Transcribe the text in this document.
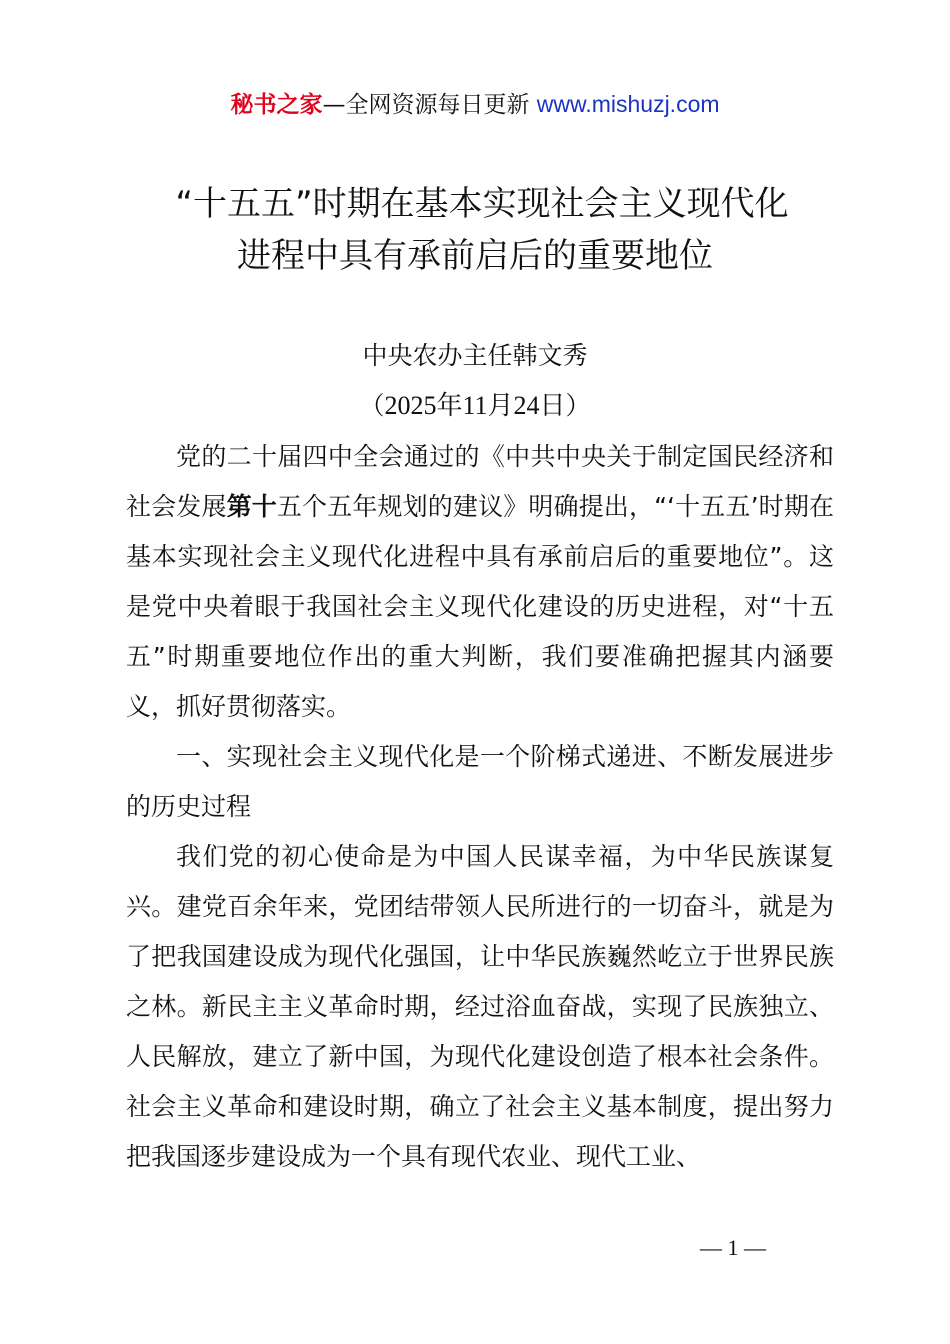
秘书之家—全网资源每日更新 www.mishuzj.com
“十五五”时期在基本实现社会主义现代化
进程中具有承前启后的重要地位
中央农办主任韩文秀
（2025年11月24日）

党的二十届四中全会通过的《中共中央关于制定国民经济和社会发展第十五个五年规划的建议》明确提出，“‘十五五’时期在基本实现社会主义现代化进程中具有承前启后的重要地位”。这是党中央着眼于我国社会主义现代化建设的历史进程，对“十五五”时期重要地位作出的重大判断，我们要准确把握其内涵要义，抓好贯彻落实。

一、实现社会主义现代化是一个阶梯式递进、不断发展进步的历史过程

我们党的初心使命是为中国人民谋幸福，为中华民族谋复兴。建党百余年来，党团结带领人民所进行的一切奋斗，就是为了把我国建设成为现代化强国，让中华民族巍然屹立于世界民族之林。新民主主义革命时期，经过浴血奋战，实现了民族独立、人民解放，建立了新中国，为现代化建设创造了根本社会条件。社会主义革命和建设时期，确立了社会主义基本制度，提出努力把我国逐步建设成为一个具有现代农业、现代工业、

— 1 —
